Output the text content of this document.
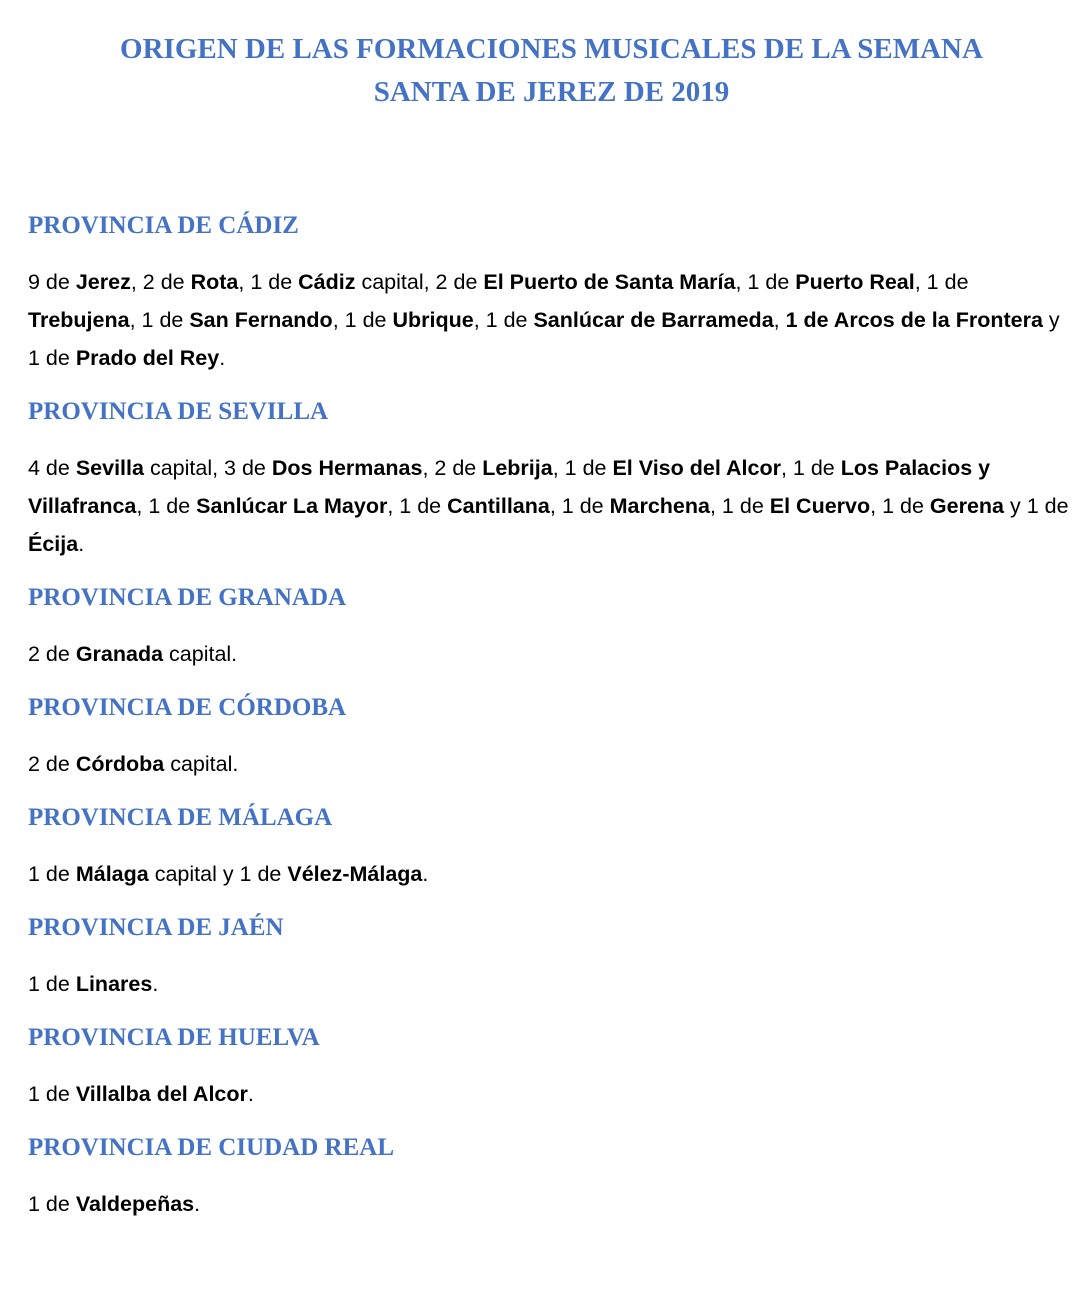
ORIGEN DE LAS FORMACIONES MUSICALES DE LA SEMANA
SANTA DE JEREZ DE 2019
PROVINCIA DE CÁDIZ
9 de Jerez, 2 de Rota, 1 de Cádiz capital, 2 de El Puerto de Santa María, 1 de Puerto Real, 1 de Trebujena, 1 de San Fernando, 1 de Ubrique, 1 de Sanlúcar de Barrameda, 1 de Arcos de la Frontera y 1 de Prado del Rey.
PROVINCIA DE SEVILLA
4 de Sevilla capital, 3 de Dos Hermanas, 2 de Lebrija, 1 de El Viso del Alcor, 1 de Los Palacios y Villafranca, 1 de Sanlúcar La Mayor, 1 de Cantillana, 1 de Marchena, 1 de El Cuervo, 1 de Gerena y 1 de Écija.
PROVINCIA DE GRANADA
2 de Granada capital.
PROVINCIA DE CÓRDOBA
2 de Córdoba capital.
PROVINCIA DE MÁLAGA
1 de Málaga capital y 1 de Vélez-Málaga.
PROVINCIA DE JAÉN
1 de Linares.
PROVINCIA DE HUELVA
1 de Villalba del Alcor.
PROVINCIA DE CIUDAD REAL
1 de Valdepeñas.
